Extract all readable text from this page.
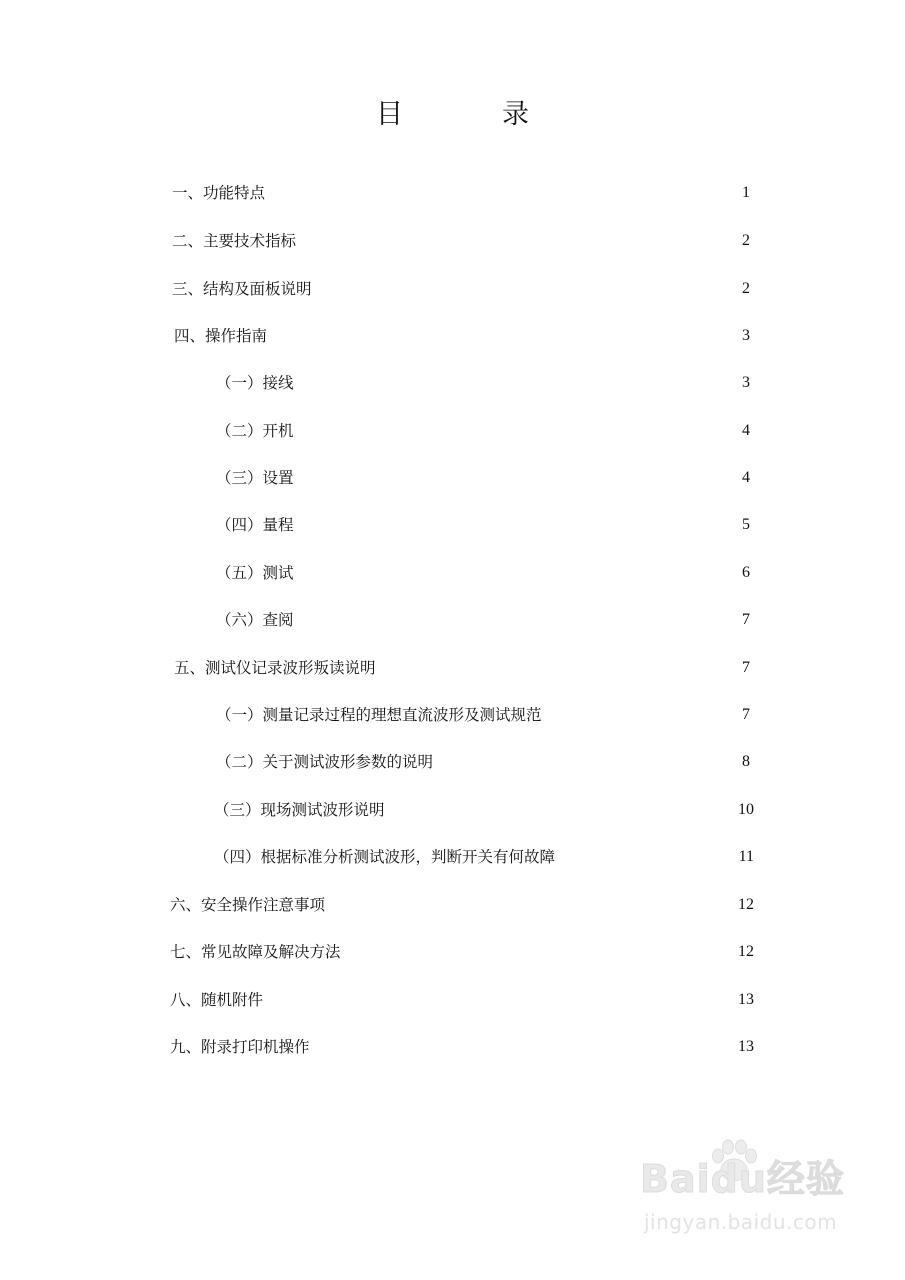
目　录
一、功能特点	1
二、主要技术指标	2
三、结构及面板说明	2
四、操作指南	3
（一）接线	3
（二）开机	4
（三）设置	4
（四）量程	5
（五）测试	6
（六）查阅	7
五、测试仪记录波形叛读说明	7
（一）测量记录过程的理想直流波形及测试规范	7
（二）关于测试波形参数的说明	8
（三）现场测试波形说明	10
（四）根据标准分析测试波形，判断开关有何故障	11
六、安全操作注意事项	12
七、常见故障及解决方法	12
八、随机附件	13
九、附录打印机操作	13
Baidu经验
jingyan.baidu.com
